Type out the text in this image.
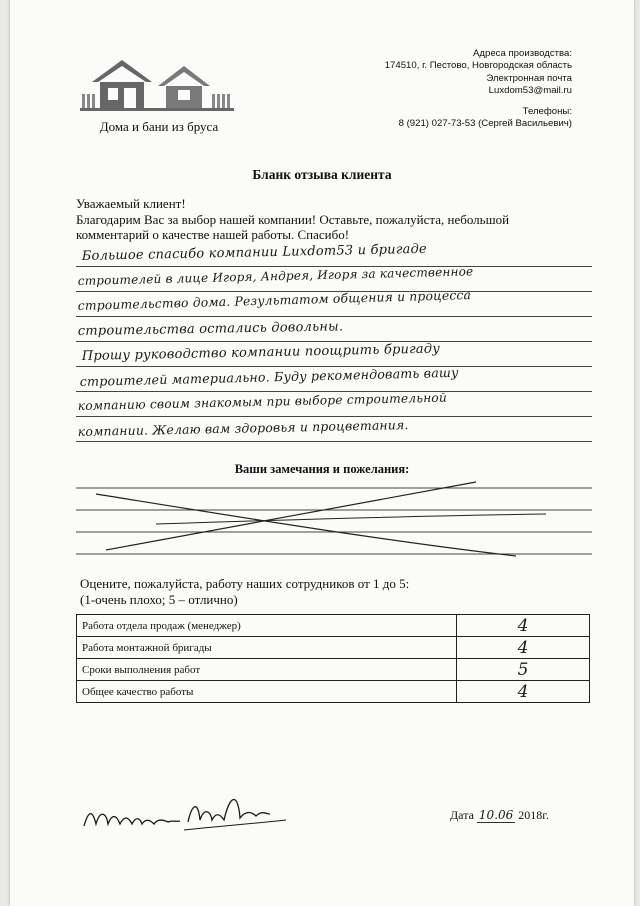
Дома и бани из бруса
Адреса производства:
174510, г. Пестово, Новгородская область
Электронная почта
Luxdom53@mail.ru
Телефоны:
8 (921) 027-73-53 (Сергей Васильевич)
Бланк отзыва клиента
Уважаемый клиент!
Благодарим Вас за выбор нашей компании! Оставьте, пожалуйста, небольшой
комментарий о качестве нашей работы. Спасибо!
Большое спасибо компании Luxdom53 и бригаде
строителей в лице Игоря, Андрея, Игоря за качественное
строительство дома. Результатом общения и процесса
строительства остались довольны.
Прошу руководство компании поощрить бригаду
строителей материально. Буду рекомендовать вашу
компанию своим знакомым при выборе строительной
компании. Желаю вам здоровья и процветания.
Ваши замечания и пожелания:
Оцените, пожалуйста, работу наших сотрудников от 1 до 5:
(1-очень плохо; 5 – отлично)
Работа отдела продаж (менеджер)	4
Работа монтажной бригады	4
Сроки выполнения работ	5
Общее качество работы	4
Дата 10.06 2018г.
